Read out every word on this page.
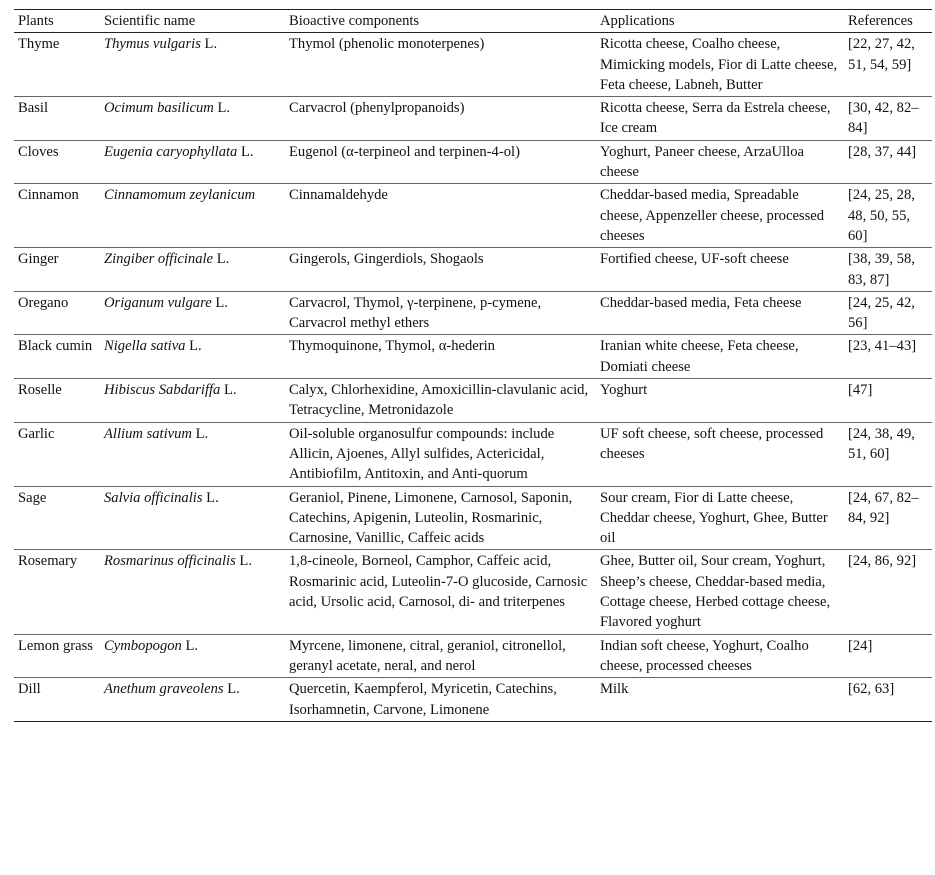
Plants	Scientific name	Bioactive components	Applications	References
Thyme	Thymus vulgaris L.	Thymol (phenolic monoterpenes)	Ricotta cheese, Coalho cheese, Mimicking models, Fior di Latte cheese, Feta cheese, Labneh, Butter	[22, 27, 42, 51, 54, 59]
Basil	Ocimum basilicum L.	Carvacrol (phenylpropanoids)	Ricotta cheese, Serra da Estrela cheese, Ice cream	[30, 42, 82–84]
Cloves	Eugenia caryophyllata L.	Eugenol (α-terpineol and terpinen-4-ol)	Yoghurt, Paneer cheese, ArzaUlloa cheese	[28, 37, 44]
Cinnamon	Cinnamomum zeylanicum	Cinnamaldehyde	Cheddar-based media, Spreadable cheese, Appenzeller cheese, processed cheeses	[24, 25, 28, 48, 50, 55, 60]
Ginger	Zingiber officinale L.	Gingerols, Gingerdiols, Shogaols	Fortified cheese, UF-soft cheese	[38, 39, 58, 83, 87]
Oregano	Origanum vulgare L.	Carvacrol, Thymol, γ-terpinene, p-cymene, Carvacrol methyl ethers	Cheddar-based media, Feta cheese	[24, 25, 42, 56]
Black cumin	Nigella sativa L.	Thymoquinone, Thymol, α-hederin	Iranian white cheese, Feta cheese, Domiati cheese	[23, 41–43]
Roselle	Hibiscus Sabdariffa L.	Calyx, Chlorhexidine, Amoxicillin-clavulanic acid, Tetracycline, Metronidazole	Yoghurt	[47]
Garlic	Allium sativum L.	Oil-soluble organosulfur compounds: include Allicin, Ajoenes, Allyl sulfides, Actericidal, Antibiofilm, Antitoxin, and Anti-quorum	UF soft cheese, soft cheese, processed cheeses	[24, 38, 49, 51, 60]
Sage	Salvia officinalis L.	Geraniol, Pinene, Limonene, Carnosol, Saponin, Catechins, Apigenin, Luteolin, Rosmarinic, Carnosine, Vanillic, Caffeic acids	Sour cream, Fior di Latte cheese, Cheddar cheese, Yoghurt, Ghee, Butter oil	[24, 67, 82–84, 92]
Rosemary	Rosmarinus officinalis L.	1,8-cineole, Borneol, Camphor, Caffeic acid, Rosmarinic acid, Luteolin-7-O glucoside, Carnosic acid, Ursolic acid, Carnosol, di- and triterpenes	Ghee, Butter oil, Sour cream, Yoghurt, Sheep’s cheese, Cheddar-based media, Cottage cheese, Herbed cottage cheese, Flavored yoghurt	[24, 86, 92]
Lemon grass	Cymbopogon L.	Myrcene, limonene, citral, geraniol, citronellol, geranyl acetate, neral, and nerol	Indian soft cheese, Yoghurt, Coalho cheese, processed cheeses	[24]
Dill	Anethum graveolens L.	Quercetin, Kaempferol, Myricetin, Catechins, Isorhamnetin, Carvone, Limonene	Milk	[62, 63]
